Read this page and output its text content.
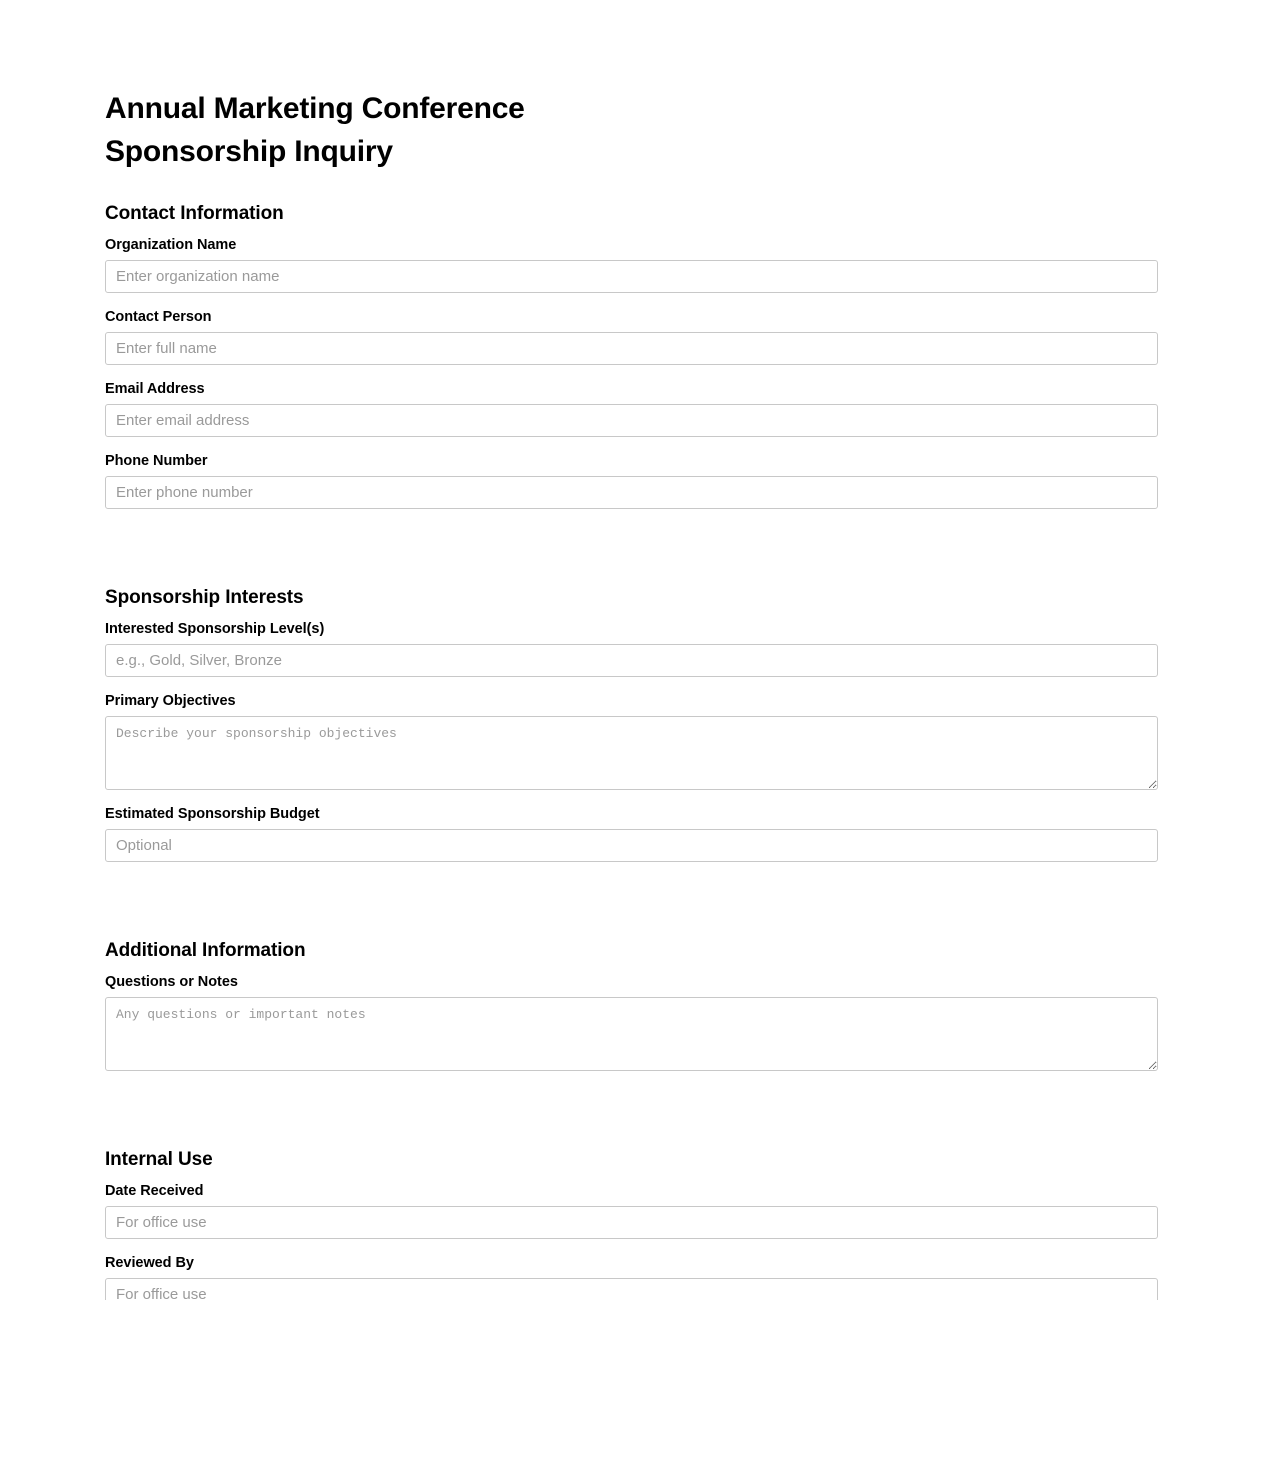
Annual Marketing Conference
Sponsorship Inquiry
Contact Information
Organization Name
Enter organization name
Contact Person
Enter full name
Email Address
Enter email address
Phone Number
Enter phone number
Sponsorship Interests
Interested Sponsorship Level(s)
e.g., Gold, Silver, Bronze
Primary Objectives
Describe your sponsorship objectives
Estimated Sponsorship Budget
Optional
Additional Information
Questions or Notes
Any questions or important notes
Internal Use
Date Received
For office use
Reviewed By
For office use
